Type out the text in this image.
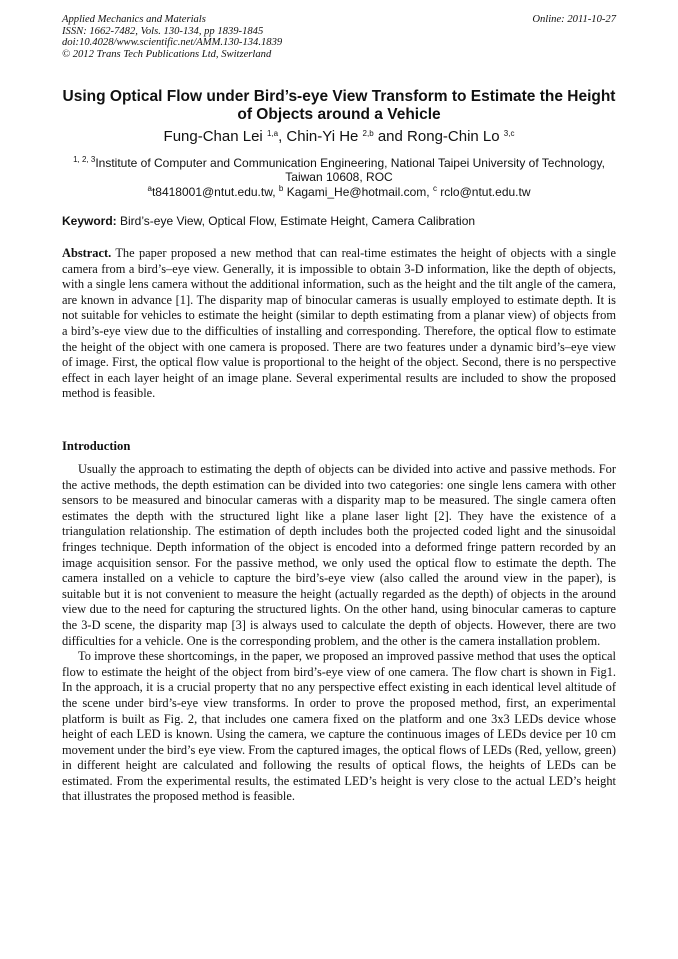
Applied Mechanics and Materials
ISSN: 1662-7482, Vols. 130-134, pp 1839-1845
doi:10.4028/www.scientific.net/AMM.130-134.1839
© 2012 Trans Tech Publications Ltd, Switzerland
Online: 2011-10-27
Using Optical Flow under Bird’s-eye View Transform to Estimate the Height of Objects around a Vehicle
Fung-Chan Lei $^{1,a}$, Chin-Yi He $^{2,b}$ and Rong-Chin Lo $^{3,c}$
$^{1, 2, 3}$Institute of Computer and Communication Engineering, National Taipei University of Technology, Taiwan 10608, ROC
$^a$t8418001@ntut.edu.tw, $^b$ Kagami_He@hotmail.com, $^c$ rclo@ntut.edu.tw
Keyword: Bird’s-eye View, Optical Flow, Estimate Height, Camera Calibration
Abstract. The paper proposed a new method that can real-time estimates the height of objects with a single camera from a bird’s–eye view. Generally, it is impossible to obtain 3-D information, like the depth of objects, with a single lens camera without the additional information, such as the height and the tilt angle of the camera, are known in advance [1]. The disparity map of binocular cameras is usually employed to estimate depth. It is not suitable for vehicles to estimate the height (similar to depth estimating from a planar view) of objects from a bird’s-eye view due to the difficulties of installing and corresponding. Therefore, the optical flow to estimate the height of the object with one camera is proposed. There are two features under a dynamic bird’s–eye view of image. First, the optical flow value is proportional to the height of the object. Second, there is no perspective effect in each layer height of an image plane. Several experimental results are included to show the proposed method is feasible.
Introduction

Usually the approach to estimating the depth of objects can be divided into active and passive methods. For the active methods, the depth estimation can be divided into two categories: one single lens camera with other sensors to be measured and binocular cameras with a disparity map to be measured. The single camera often estimates the depth with the structured light like a plane laser light [2]. They have the existence of a triangulation relationship. The estimation of depth includes both the projected coded light and the sinusoidal fringes technique. Depth information of the object is encoded into a deformed fringe pattern recorded by an image acquisition sensor. For the passive method, we only used the optical flow to estimate the depth. The camera installed on a vehicle to capture the bird’s-eye view (also called the around view in the paper), is suitable but it is not convenient to measure the height (actually regarded as the depth) of objects in the around view due to the need for capturing the structured lights. On the other hand, using binocular cameras to capture the 3-D scene, the disparity map [3] is always used to calculate the depth of objects. However, there are two difficulties for a vehicle. One is the corresponding problem, and the other is the camera installation problem.

To improve these shortcomings, in the paper, we proposed an improved passive method that uses the optical flow to estimate the height of the object from bird’s-eye view of one camera. The flow chart is shown in Fig1. In the approach, it is a crucial property that no any perspective effect existing in each identical level altitude of the scene under bird’s-eye view transforms. In order to prove the proposed method, first, an experimental platform is built as Fig. 2, that includes one camera fixed on the platform and one 3x3 LEDs device whose height of each LED is known. Using the camera, we capture the continuous images of LEDs device per 10 cm movement under the bird’s eye view. From the captured images, the optical flows of LEDs (Red, yellow, green) in different height are calculated and following the results of optical flows, the heights of LEDs can be estimated. From the experimental results, the estimated LED’s height is very close to the actual LED’s height that illustrates the proposed method is feasible.
